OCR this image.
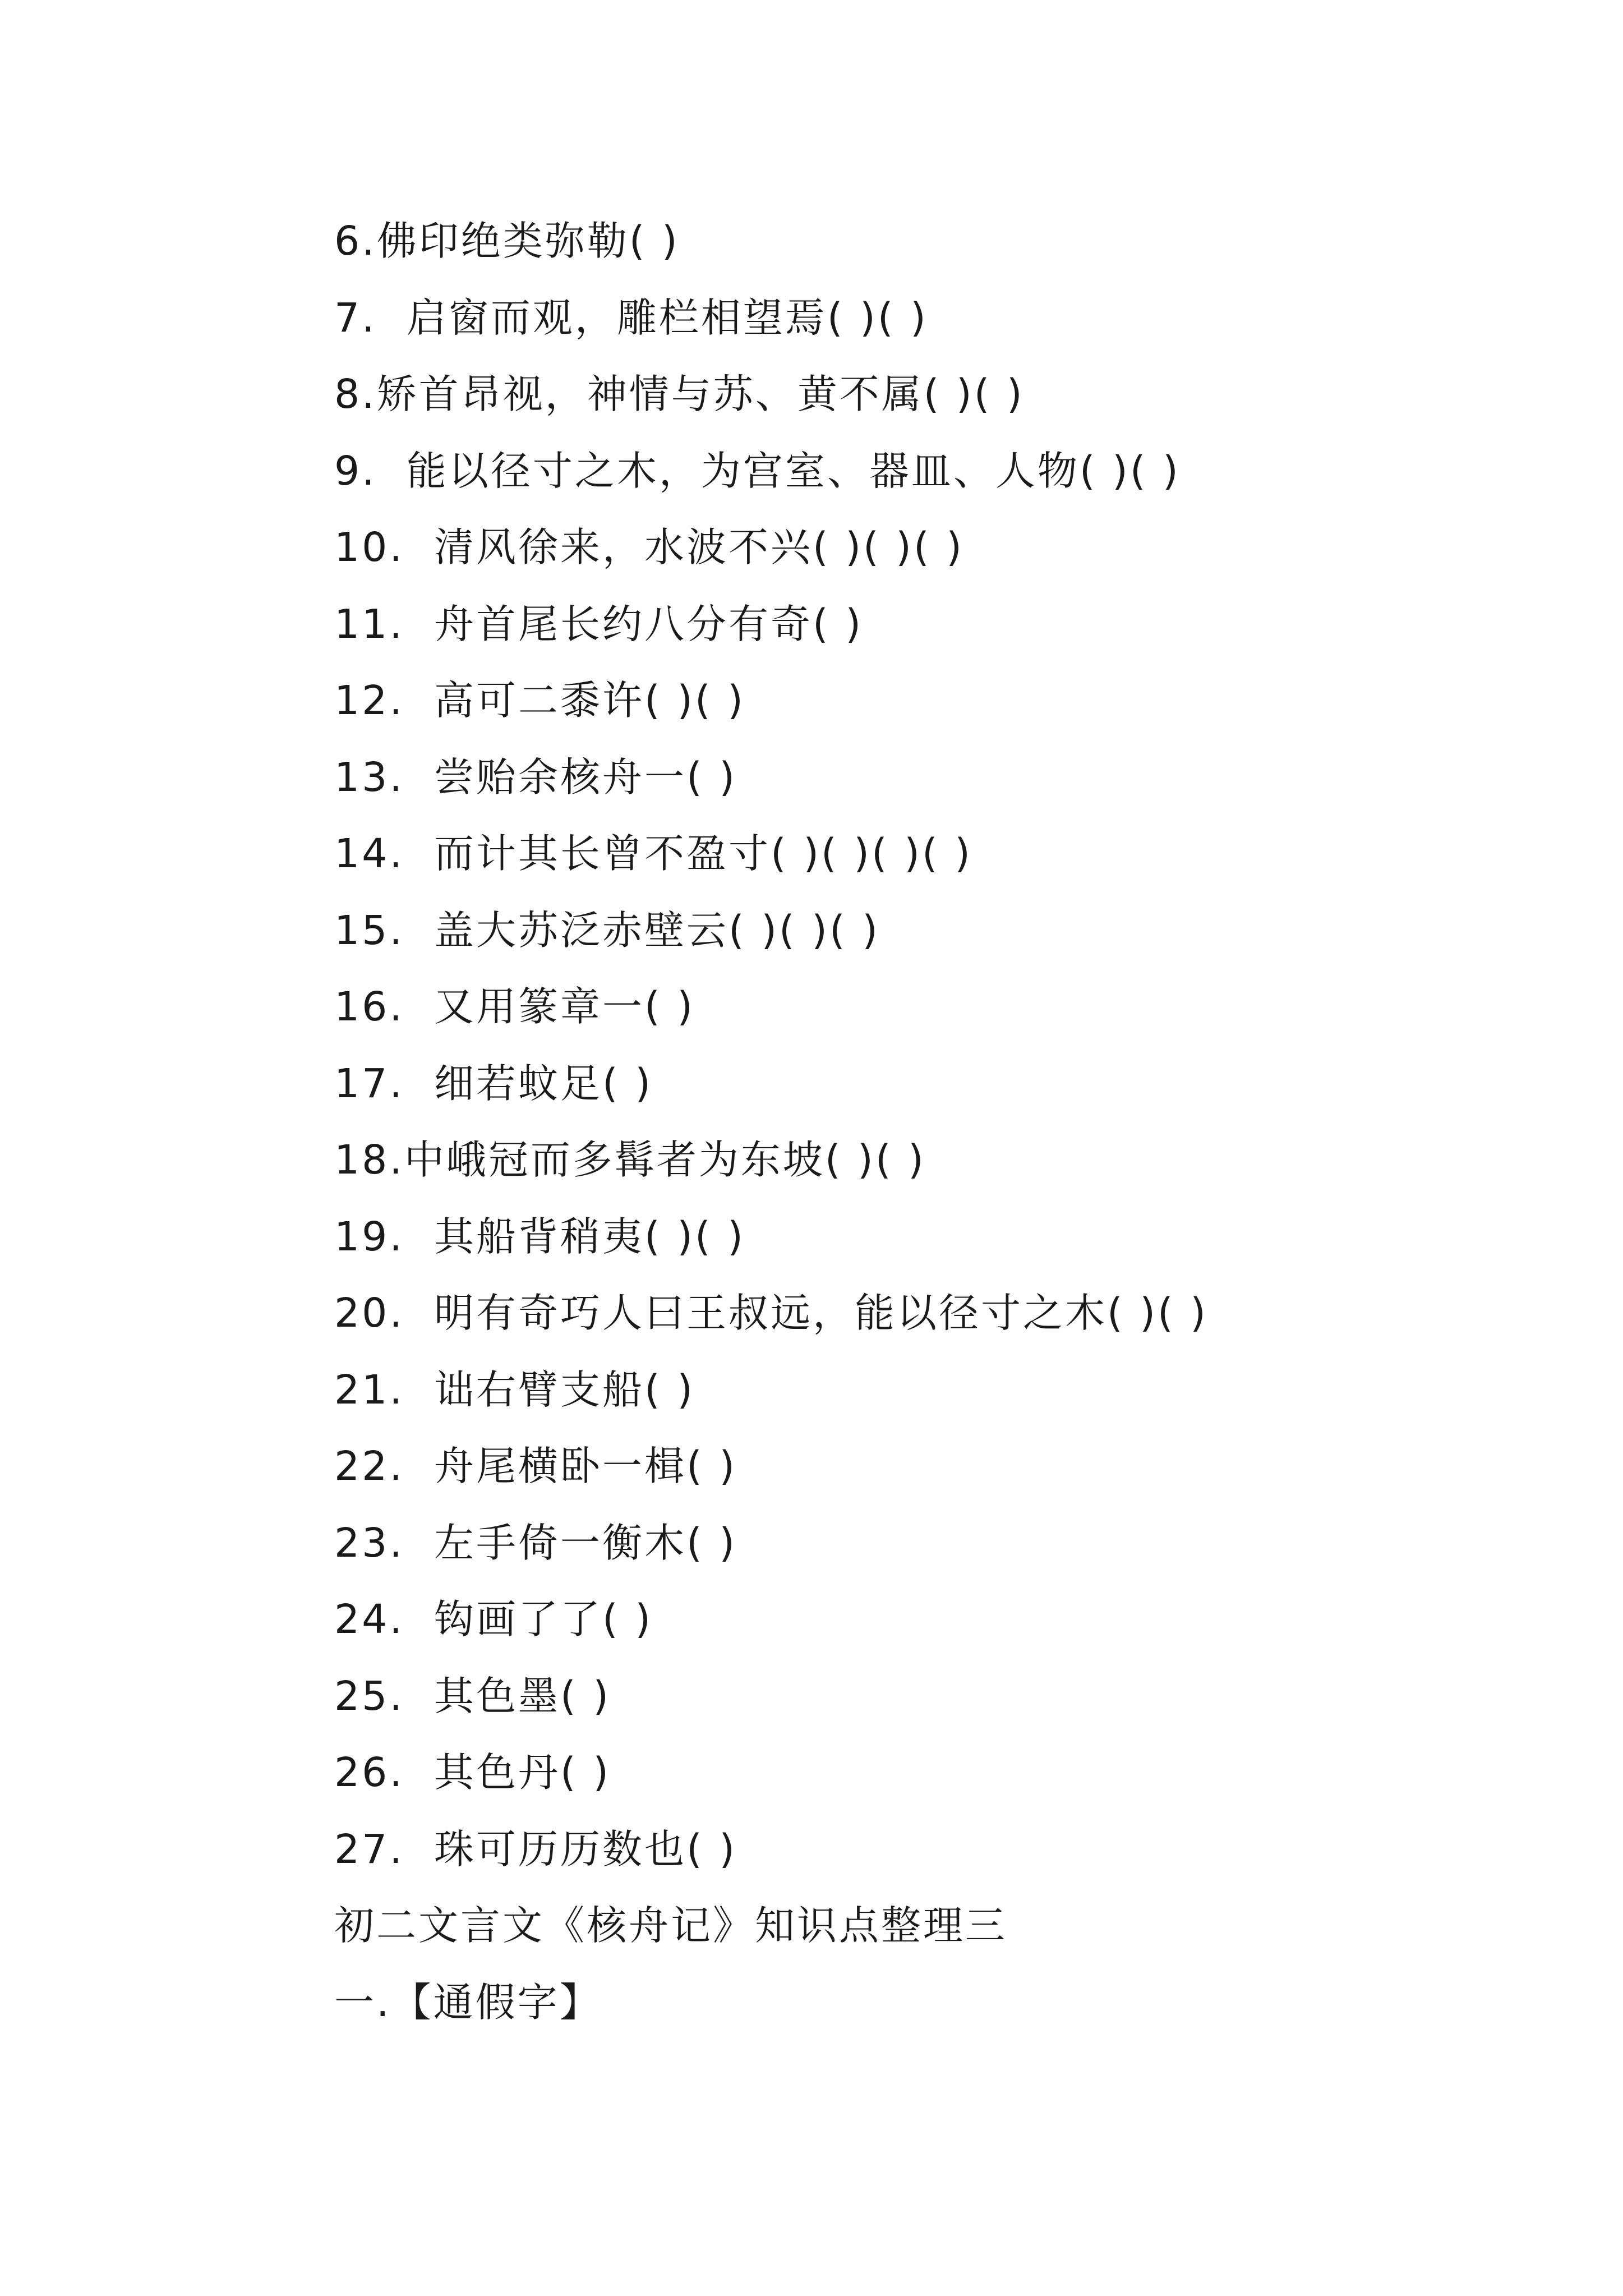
6.佛印绝类弥勒( )
7.  启窗而观，雕栏相望焉( )( )
8.矫首昂视，神情与苏、黄不属( )( )
9.  能以径寸之木，为宫室、器皿、人物( )( )
10.  清风徐来，水波不兴( )( )( )
11.  舟首尾长约八分有奇( )
12.  高可二黍许( )( )
13.  尝贻余核舟一( )
14.  而计其长曾不盈寸( )( )( )( )
15.  盖大苏泛赤壁云( )( )( )
16.  又用篆章一( )
17.  细若蚊足( )
18.中峨冠而多髯者为东坡( )( )
19.  其船背稍夷( )( )
20.  明有奇巧人曰王叔远，能以径寸之木( )( )
21.  诎右臂支船( )
22.  舟尾横卧一楫( )
23.  左手倚一衡木( )
24.  钩画了了( )
25.  其色墨( )
26.  其色丹( )
27.  珠可历历数也( )
初二文言文《核舟记》知识点整理三
一.【通假字】
